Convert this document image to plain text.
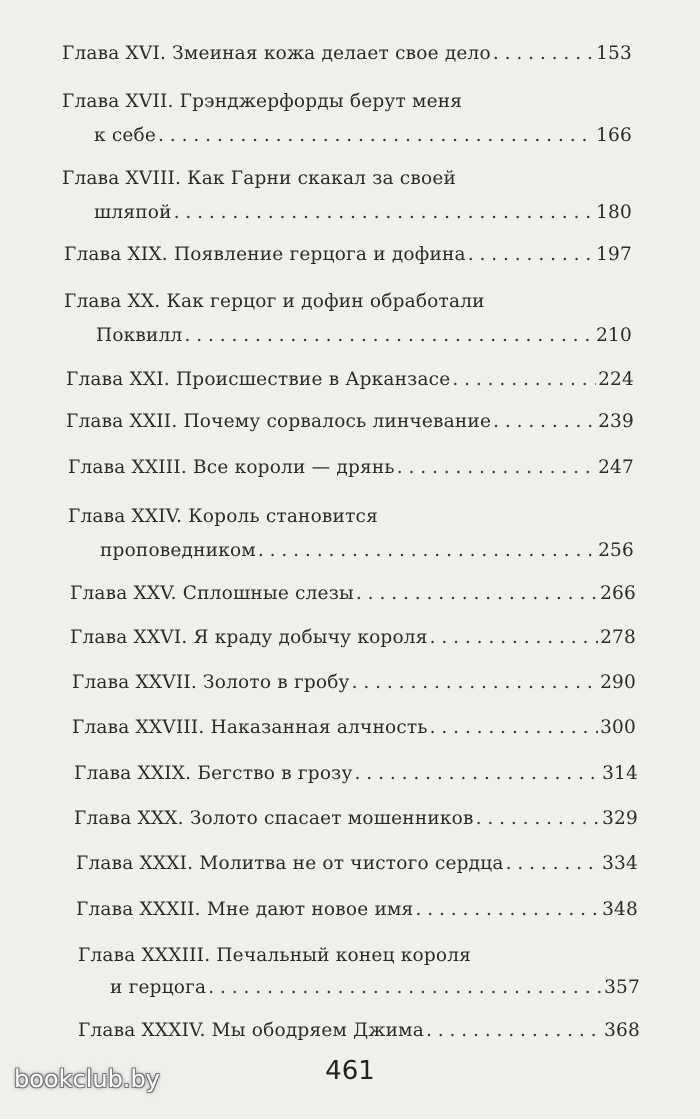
Глава XVI. Змеиная кожа делает свое дело . . .	153
Глава XVII. Грэнджерфорды берут меня
к себе . . .	166
Глава XVIII. Как Гарни скакал за своей
шляпой . . .	180
Глава XIX. Появление герцога и дофина . . .	197
Глава XX. Как герцог и дофин обработали
Поквилл . . .	210
Глава XXI. Происшествие в Арканзасе . . .	224
Глава XXII. Почему сорвалось линчевание . . .	239
Глава XXIII. Все короли — дрянь . . .	247
Глава XXIV. Король становится
проповедником . . .	256
Глава XXV. Сплошные слезы . . .	266
Глава XXVI. Я краду добычу короля . . .	278
Глава XXVII. Золото в гробу . . .	290
Глава XXVIII. Наказанная алчность . . .	300
Глава XXIX. Бегство в грозу . . .	314
Глава XXX. Золото спасает мошенников . . .	329
Глава XXXI. Молитва не от чистого сердца . . .	334
Глава XXXII. Мне дают новое имя . . .	348
Глава XXXIII. Печальный конец короля
и герцога . . .	357
Глава XXXIV. Мы ободряем Джима . . .	368
461
bookclub.by
